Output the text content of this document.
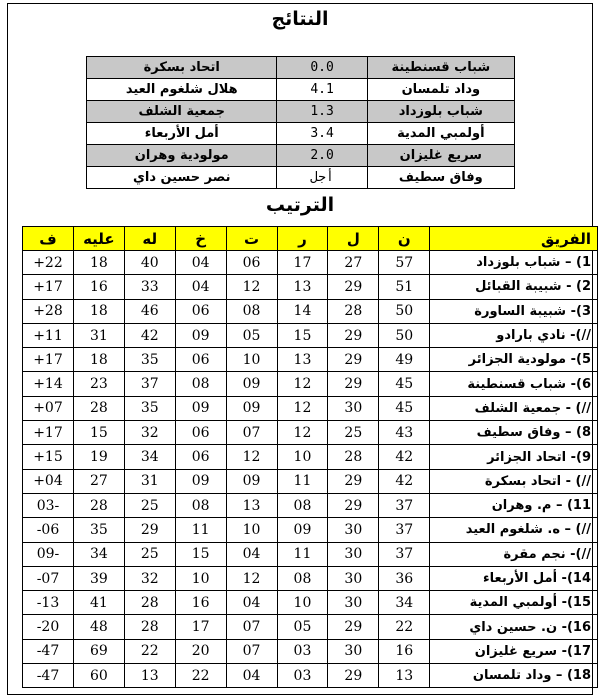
النتائج
شباب قسنطينة	0.0	اتحاد بسكرة
وداد تلمسان	4.1	هلال شلغوم العيد
شباب بلوزداد	1.3	جمعية الشلف
أولمبي المدية	3.4	أمل الأربعاء
سريع غليزان	2.0	مولودية وهران
وفاق سطيف	أجل	نصر حسين داي
الترتيب
الفريق	ن	ل	ر	ت	خ	له	عليه	ف
1) – شباب بلوزداد	57	27	17	06	04	40	18	+22
2) - شبيبة القبائل	51	29	13	12	04	33	16	+17
3)- شبيبة الساورة	50	28	14	08	06	46	18	+28
//)- نادي بارادو	50	29	15	05	09	42	31	+11
5)- مولودية الجزائر	49	29	13	10	06	35	18	+17
6)- شباب قسنطينة	45	29	12	09	08	37	23	+14
//) - جمعية الشلف	45	30	12	09	09	35	28	+07
8) – وفاق سطيف	43	25	12	07	06	32	15	+17
9)- اتحاد الجزائر	42	28	10	12	06	34	19	+15
//) - اتحاد بسكرة	42	29	11	09	09	31	27	+04
11) – م. وهران	37	29	08	13	08	25	28	03-
//) – ه. شلغوم العيد	37	30	09	10	11	29	35	-06
//)- نجم مقرة	37	30	11	04	15	25	34	09-
14)- أمل الأربعاء	36	30	08	12	10	32	39	-07
15)- أولمبي المدية	34	30	10	04	16	28	41	-13
16)- ن. حسين داي	22	29	05	07	17	28	48	-20
17)- سريع غليزان	16	30	03	07	20	22	69	-47
18) – وداد تلمسان	13	29	03	04	22	13	60	-47
